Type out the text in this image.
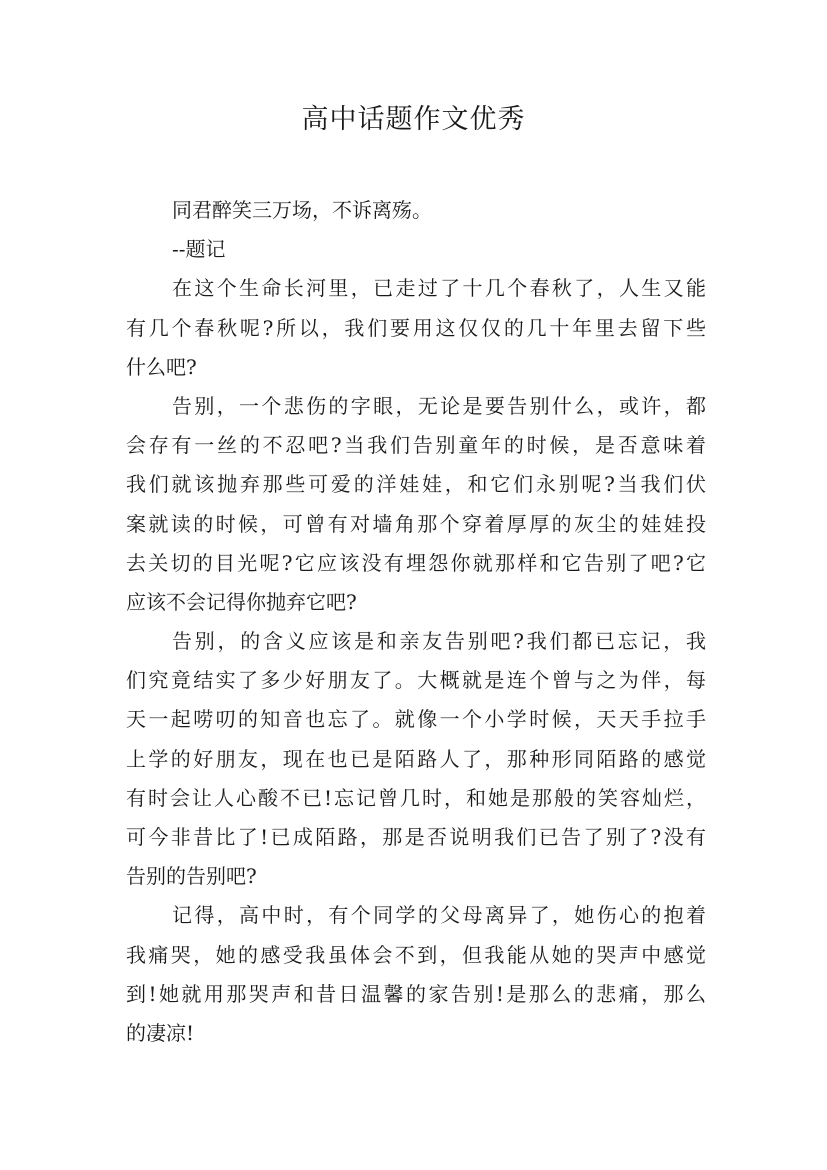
高中话题作文优秀
同君醉笑三万场，不诉离殇。
--题记
在这个生命长河里，已走过了十几个春秋了，人生又能
有几个春秋呢?所以，我们要用这仅仅的几十年里去留下些
什么吧?
告别，一个悲伤的字眼，无论是要告别什么，或许，都
会存有一丝的不忍吧?当我们告别童年的时候，是否意味着
我们就该抛弃那些可爱的洋娃娃，和它们永别呢?当我们伏
案就读的时候，可曾有对墙角那个穿着厚厚的灰尘的娃娃投
去关切的目光呢?它应该没有埋怨你就那样和它告别了吧?它
应该不会记得你抛弃它吧?
告别，的含义应该是和亲友告别吧?我们都已忘记，我
们究竟结实了多少好朋友了。大概就是连个曾与之为伴，每
天一起唠叨的知音也忘了。就像一个小学时候，天天手拉手
上学的好朋友，现在也已是陌路人了，那种形同陌路的感觉
有时会让人心酸不已!忘记曾几时，和她是那般的笑容灿烂，
可今非昔比了!已成陌路，那是否说明我们已告了别了?没有
告别的告别吧?
记得，高中时，有个同学的父母离异了，她伤心的抱着
我痛哭，她的感受我虽体会不到，但我能从她的哭声中感觉
到!她就用那哭声和昔日温馨的家告别!是那么的悲痛，那么
的凄凉!
